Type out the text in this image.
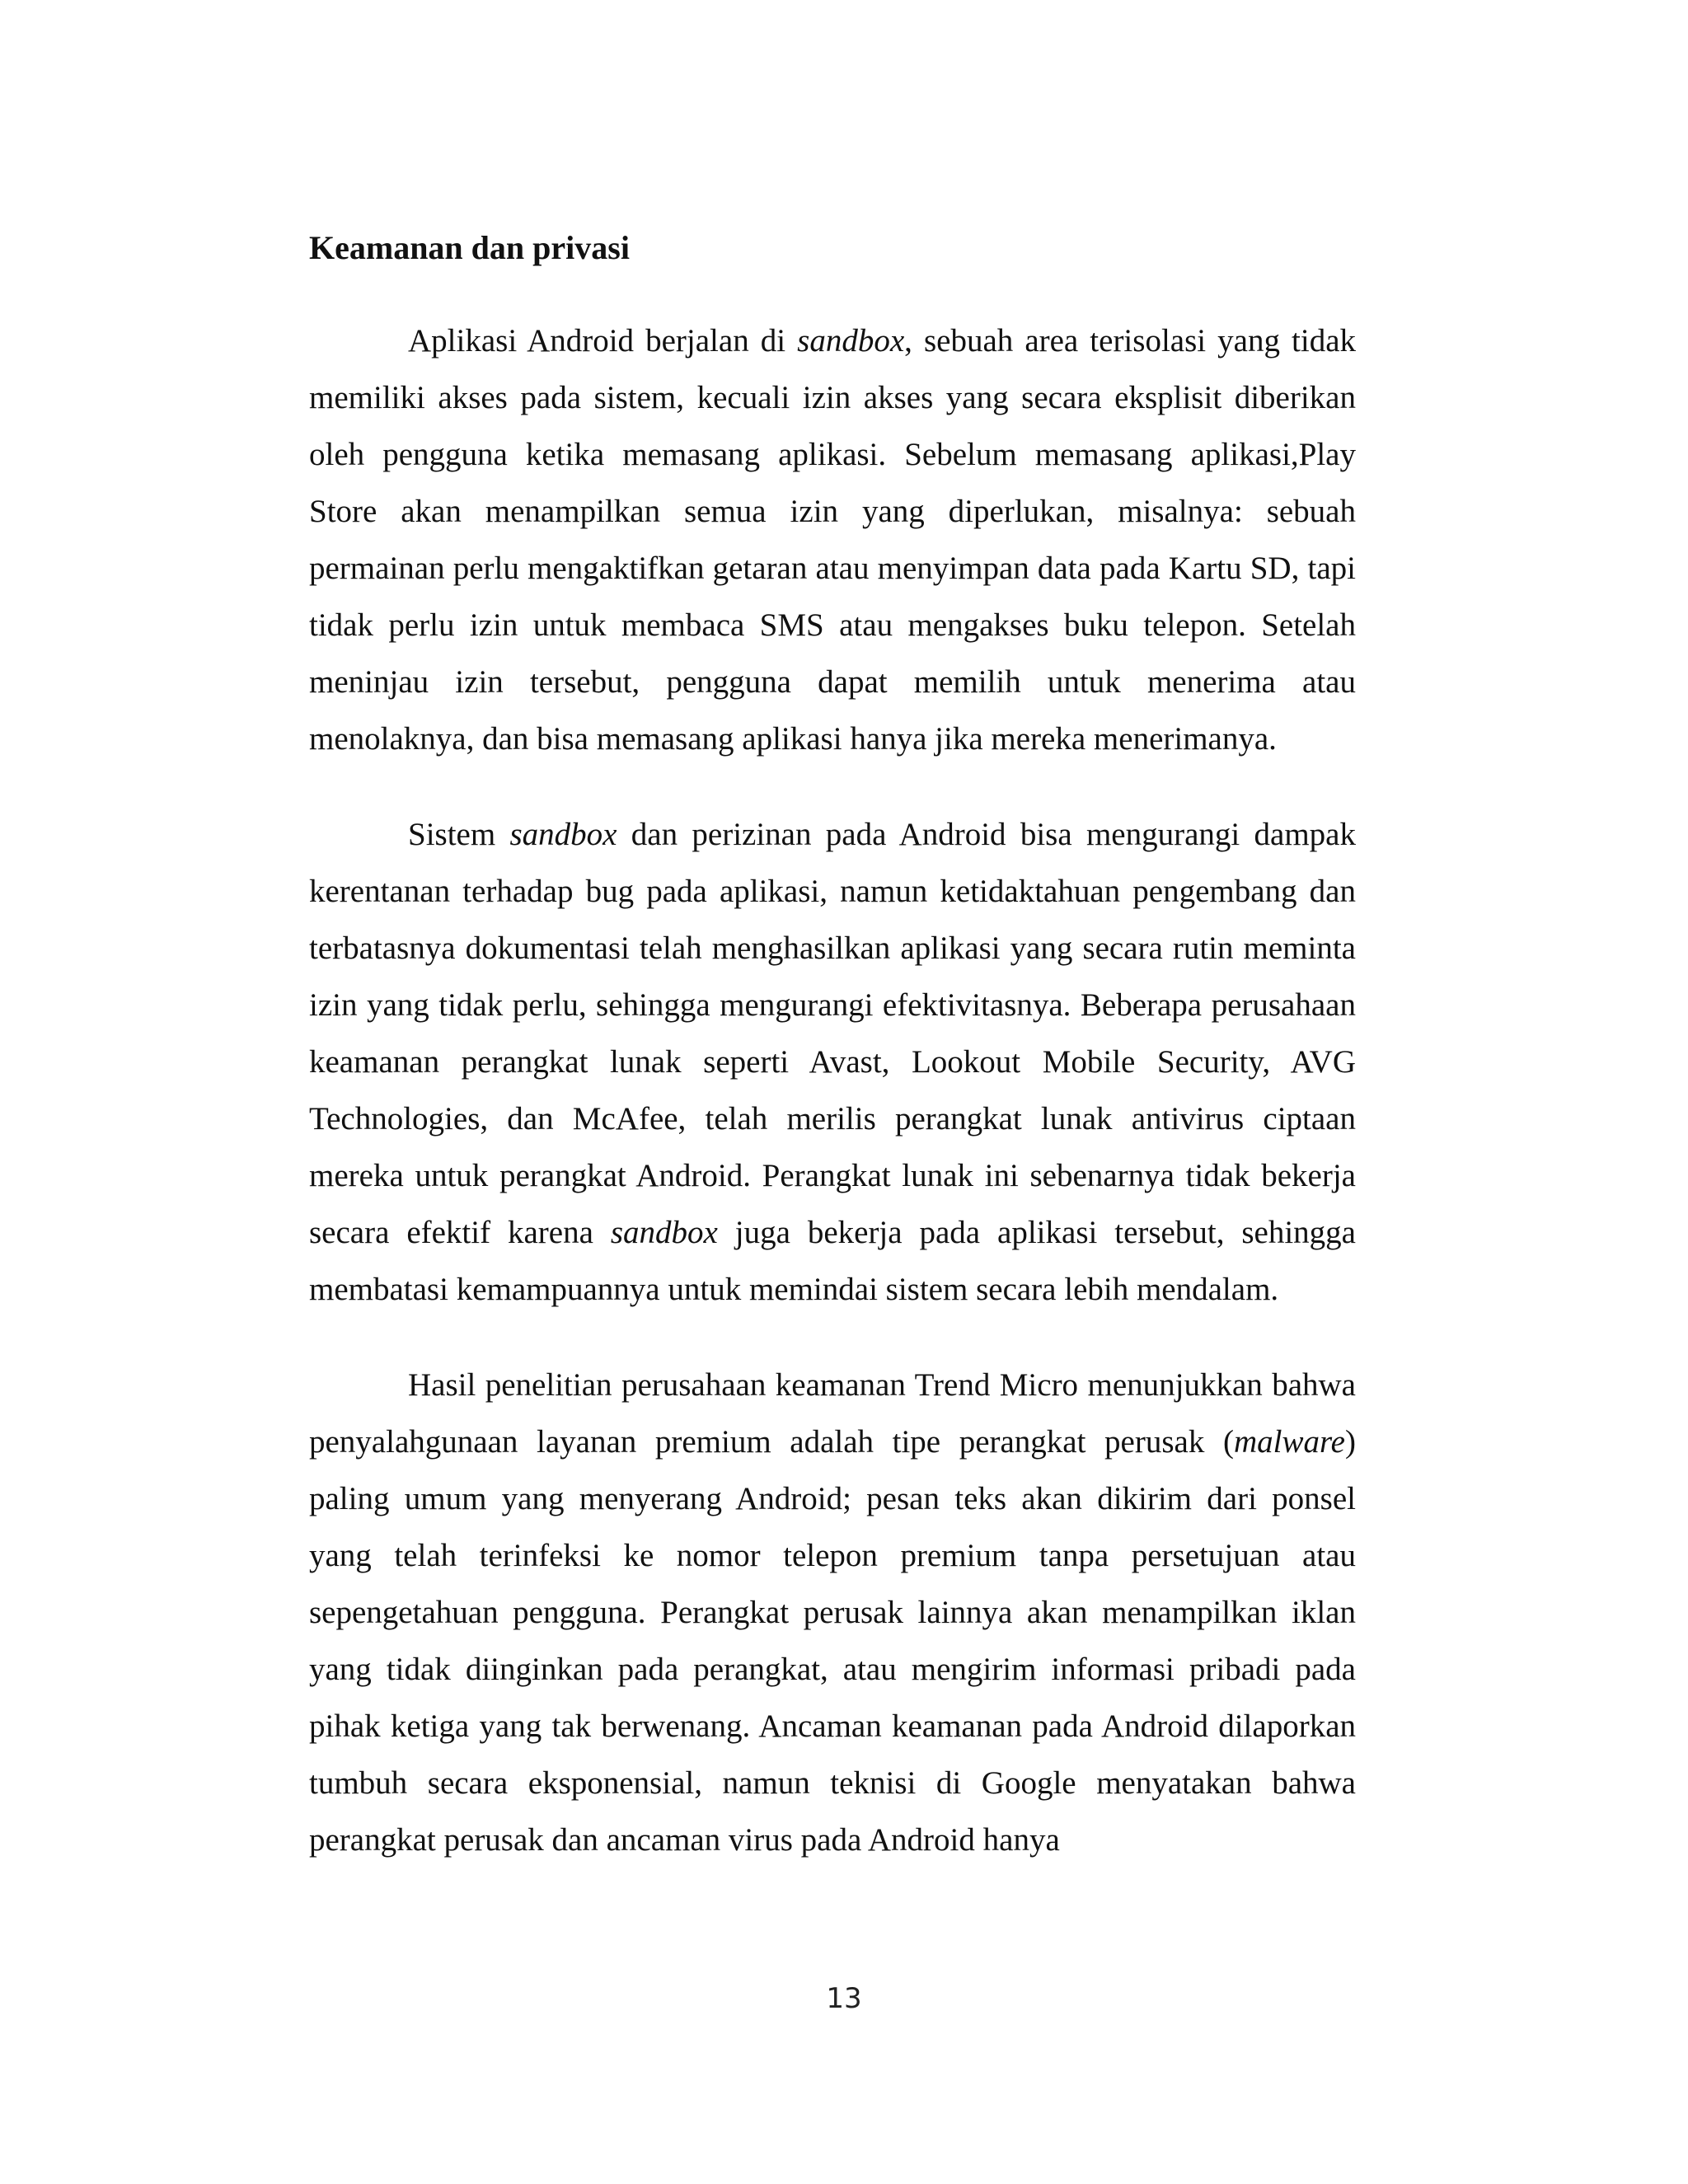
Keamanan dan privasi

Aplikasi Android berjalan di sandbox, sebuah area terisolasi yang tidak memiliki akses pada sistem, kecuali izin akses yang secara eksplisit diberikan oleh pengguna ketika memasang aplikasi. Sebelum memasang aplikasi,Play Store akan menampilkan semua izin yang diperlukan, misalnya: sebuah permainan perlu mengaktifkan getaran atau menyimpan data pada Kartu SD, tapi tidak perlu izin untuk membaca SMS atau mengakses buku telepon. Setelah meninjau izin tersebut, pengguna dapat memilih untuk menerima atau menolaknya, dan bisa memasang aplikasi hanya jika mereka menerimanya.

Sistem sandbox dan perizinan pada Android bisa mengurangi dampak kerentanan terhadap bug pada aplikasi, namun ketidaktahuan pengembang dan terbatasnya dokumentasi telah menghasilkan aplikasi yang secara rutin meminta izin yang tidak perlu, sehingga mengurangi efektivitasnya. Beberapa perusahaan keamanan perangkat lunak seperti Avast, Lookout Mobile Security, AVG Technologies, dan McAfee, telah merilis perangkat lunak antivirus ciptaan mereka untuk perangkat Android. Perangkat lunak ini sebenarnya tidak bekerja secara efektif karena sandbox juga bekerja pada aplikasi tersebut, sehingga membatasi kemampuannya untuk memindai sistem secara lebih mendalam.

Hasil penelitian perusahaan keamanan Trend Micro menunjukkan bahwa penyalahgunaan layanan premium adalah tipe perangkat perusak (malware) paling umum yang menyerang Android; pesan teks akan dikirim dari ponsel yang telah terinfeksi ke nomor telepon premium tanpa persetujuan atau sepengetahuan pengguna. Perangkat perusak lainnya akan menampilkan iklan yang tidak diinginkan pada perangkat, atau mengirim informasi pribadi pada pihak ketiga yang tak berwenang. Ancaman keamanan pada Android dilaporkan tumbuh secara eksponensial, namun teknisi di Google menyatakan bahwa perangkat perusak dan ancaman virus pada Android hanya

13
